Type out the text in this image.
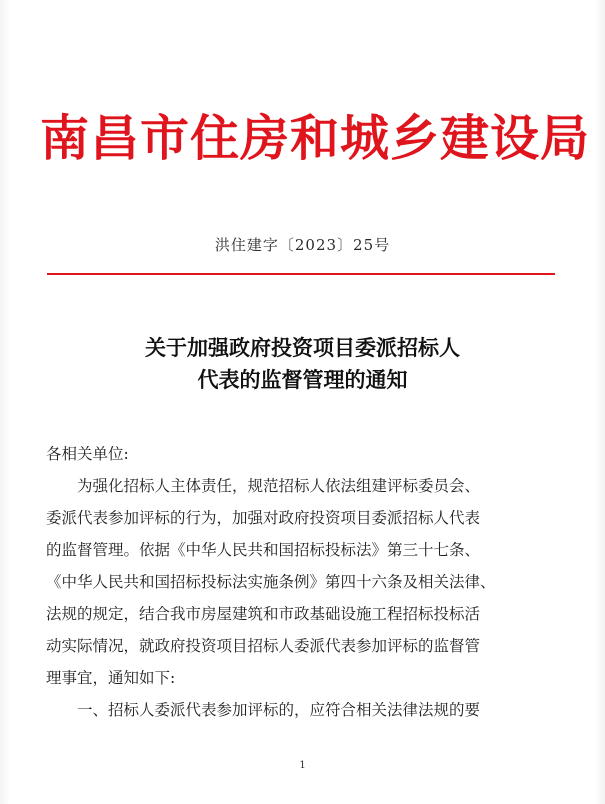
南昌市住房和城乡建设局
洪住建字〔2023〕25号
关于加强政府投资项目委派招标人
代表的监督管理的通知

各相关单位:

为强化招标人主体责任，规范招标人依法组建评标委员会、
委派代表参加评标的行为，加强对政府投资项目委派招标人代表
的监督管理。依据《中华人民共和国招标投标法》第三十七条、
《中华人民共和国招标投标法实施条例》第四十六条及相关法律、
法规的规定，结合我市房屋建筑和市政基础设施工程招标投标活
动实际情况，就政府投资项目招标人委派代表参加评标的监督管
理事宜，通知如下:

一、招标人委派代表参加评标的，应符合相关法律法规的要

1
